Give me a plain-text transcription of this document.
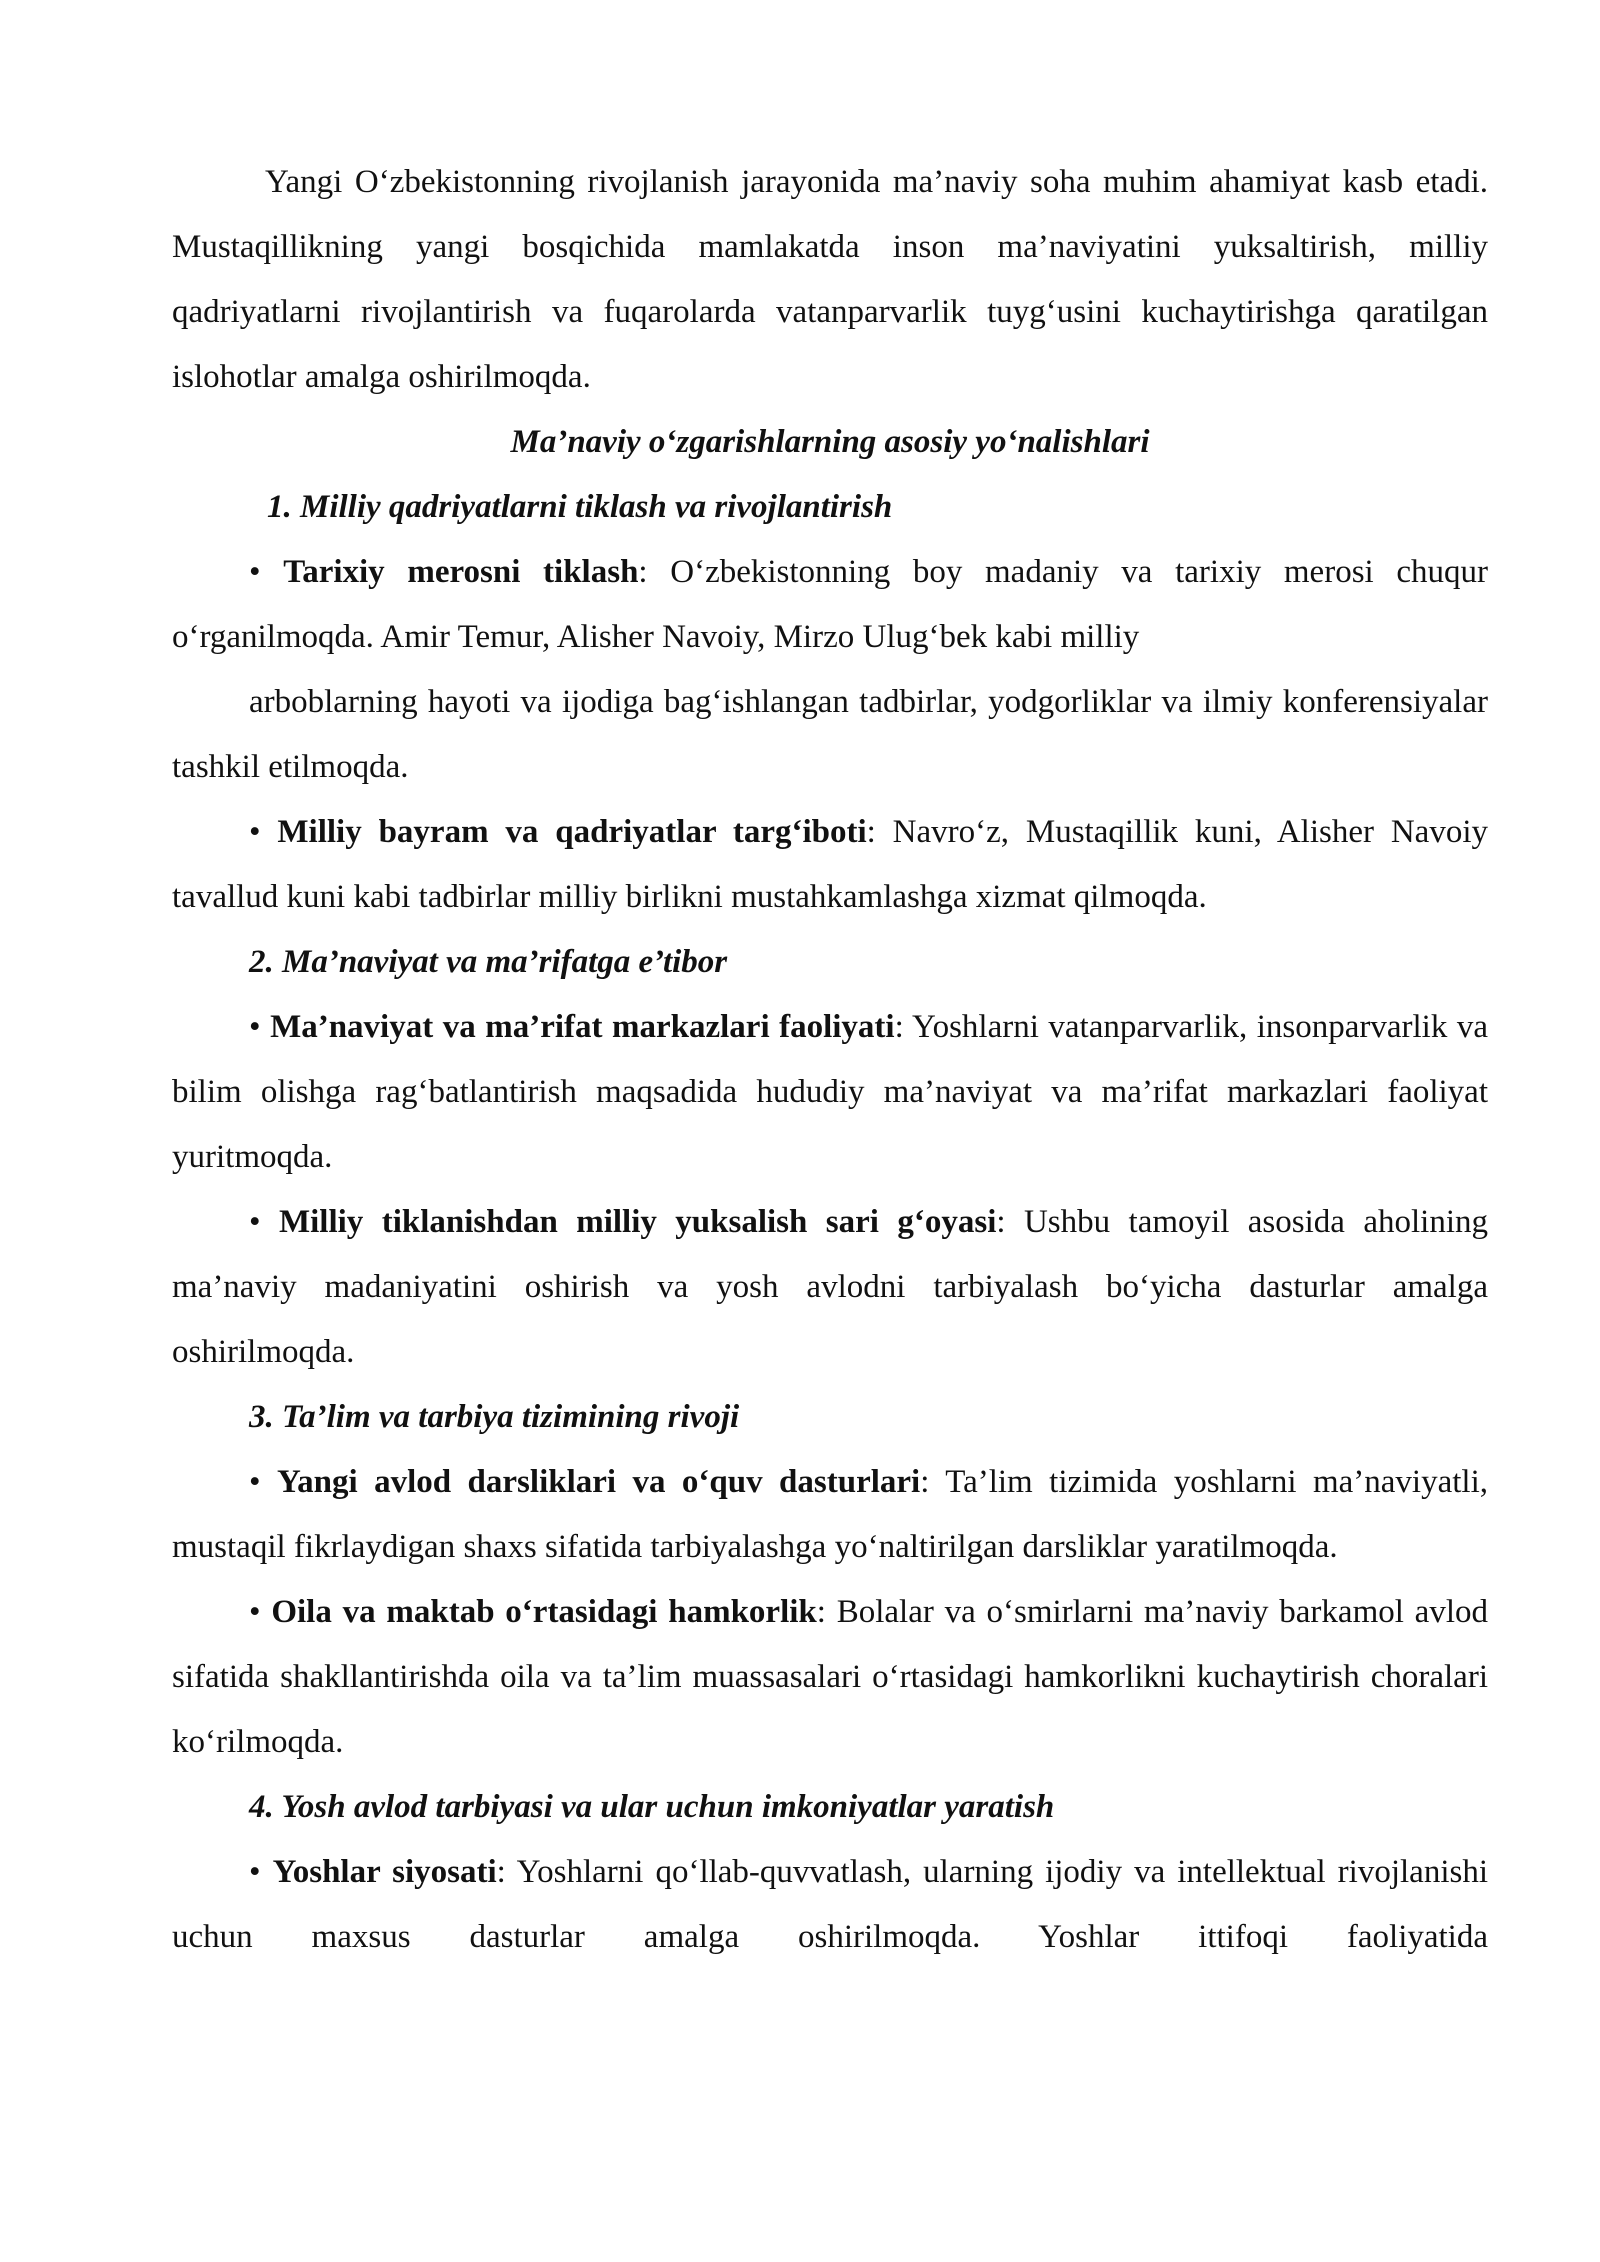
Yangi O‘zbekistonning rivojlanish jarayonida ma’naviy soha muhim ahamiyat kasb etadi. Mustaqillikning yangi bosqichida mamlakatda inson ma’naviyatini yuksaltirish, milliy qadriyatlarni rivojlantirish va fuqarolarda vatanparvarlik tuyg‘usini kuchaytirishga qaratilgan islohotlar amalga oshirilmoqda.

Ma’naviy o‘zgarishlarning asosiy yo‘nalishlari

1. Milliy qadriyatlarni tiklash va rivojlantirish

• Tarixiy merosni tiklash: O‘zbekistonning boy madaniy va tarixiy merosi chuqur o‘rganilmoqda. Amir Temur, Alisher Navoiy, Mirzo Ulug‘bek kabi milliy

arboblarning hayoti va ijodiga bag‘ishlangan tadbirlar, yodgorliklar va ilmiy konferensiyalar tashkil etilmoqda.

• Milliy bayram va qadriyatlar targ‘iboti: Navro‘z, Mustaqillik kuni, Alisher Navoiy tavallud kuni kabi tadbirlar milliy birlikni mustahkamlashga xizmat qilmoqda.

2. Ma’naviyat va ma’rifatga e’tibor

• Ma’naviyat va ma’rifat markazlari faoliyati: Yoshlarni vatanparvarlik, insonparvarlik va bilim olishga rag‘batlantirish maqsadida hududiy ma’naviyat va ma’rifat markazlari faoliyat yuritmoqda.

• Milliy tiklanishdan milliy yuksalish sari g‘oyasi: Ushbu tamoyil asosida aholining ma’naviy madaniyatini oshirish va yosh avlodni tarbiyalash bo‘yicha dasturlar amalga oshirilmoqda.

3. Ta’lim va tarbiya tizimining rivoji

• Yangi avlod darsliklari va o‘quv dasturlari: Ta’lim tizimida yoshlarni ma’naviyatli, mustaqil fikrlaydigan shaxs sifatida tarbiyalashga yo‘naltirilgan darsliklar yaratilmoqda.

• Oila va maktab o‘rtasidagi hamkorlik: Bolalar va o‘smirlarni ma’naviy barkamol avlod sifatida shakllantirishda oila va ta’lim muassasalari o‘rtasidagi hamkorlikni kuchaytirish choralari ko‘rilmoqda.

4. Yosh avlod tarbiyasi va ular uchun imkoniyatlar yaratish

• Yoshlar siyosati: Yoshlarni qo‘llab-quvvatlash, ularning ijodiy va intellektual rivojlanishi uchun maxsus dasturlar amalga oshirilmoqda. Yoshlar ittifoqi faoliyatida
